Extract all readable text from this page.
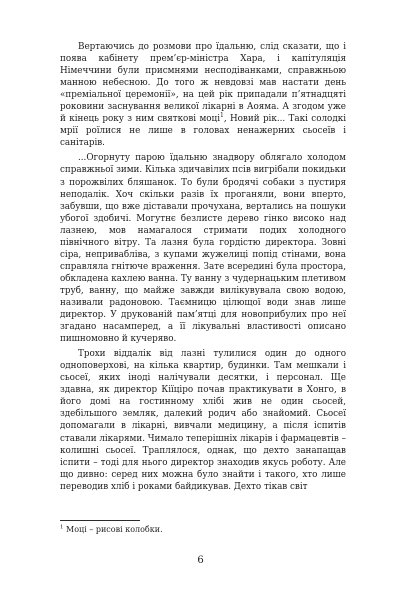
Вертаючись до розмови про їдальню, слід сказати, що і поява кабінету прем’єр-міністра Хара, і капітуляція Німеччини були присмнями несподіванками, справжньою манною небесною. До того ж невдовзі мав настати день «преміальної церемонії», на цей рік припадали п’ятнадцяті роковини заснування великої лікарні в Аояма. А згодом уже й кінець року з ним святкові моці$^1$, Новий рік... Такі солодкі мрії роїлися не лише в головах ненажерних сьосеїв і санітарів.

...Огорнуту парою їдальню знадвору облягало холодом справжньої зими. Кілька здичавілих псів вигрібали покидьки з порожвілих бляшанок. То були бродячі собаки з пустиря неподалік. Хоч скільки разів їх проганяли, вони вперто, забувши, що вже діставали прочухана, вертались на пошуки убогої здобичі. Могутнє безлисте дерево гінко високо над лазнею, мов намагалося стримати подих холодного північного вітру. Та лазня була гордістю директора. Зовні сіра, непривабліва, з купами жужелиці попід стінами, вона справляла гнітюче враження. Зате всередині була простора, обкладена кахлею ванна. Ту ванну з чудернацьким плетивом труб, ванну, що майже завжди вилікувувала свою водою, називали радоновою. Таємницю цілющої води знав лише директор. У друкованій пам’ятці для новоприбулих про неї згадано насамперед, а її лікувальні властивості описано пишномовно й кучеряво.

Трохи віддалік від лазні тулилися один до одного одноповерхові, на кілька квартир, будинки. Там мешкали і сьосеї, яких іноді налічували десятки, і персонал. Ще здавна, як директор Кіїціро почав практикувати в Хонго, в його домі на гостинному хлібі жив не один сьосей, здебільшого земляк, далекий родич або знайомий. Сьосеї допомагали в лікарні, вивчали медицину, а після іспитів ставали лікарями. Чимало теперішніх лікарів і фармацевтів – колишні сьосеї. Траплялося, однак, що дехто занапащав іспити – тоді для нього директор знаходив якусь роботу. Але що дивно: серед них можна було знайти і такого, хто лише переводив хліб і роками байдикував. Дехто тікав світ

$^1$ Моці – рисові колобки.
6
